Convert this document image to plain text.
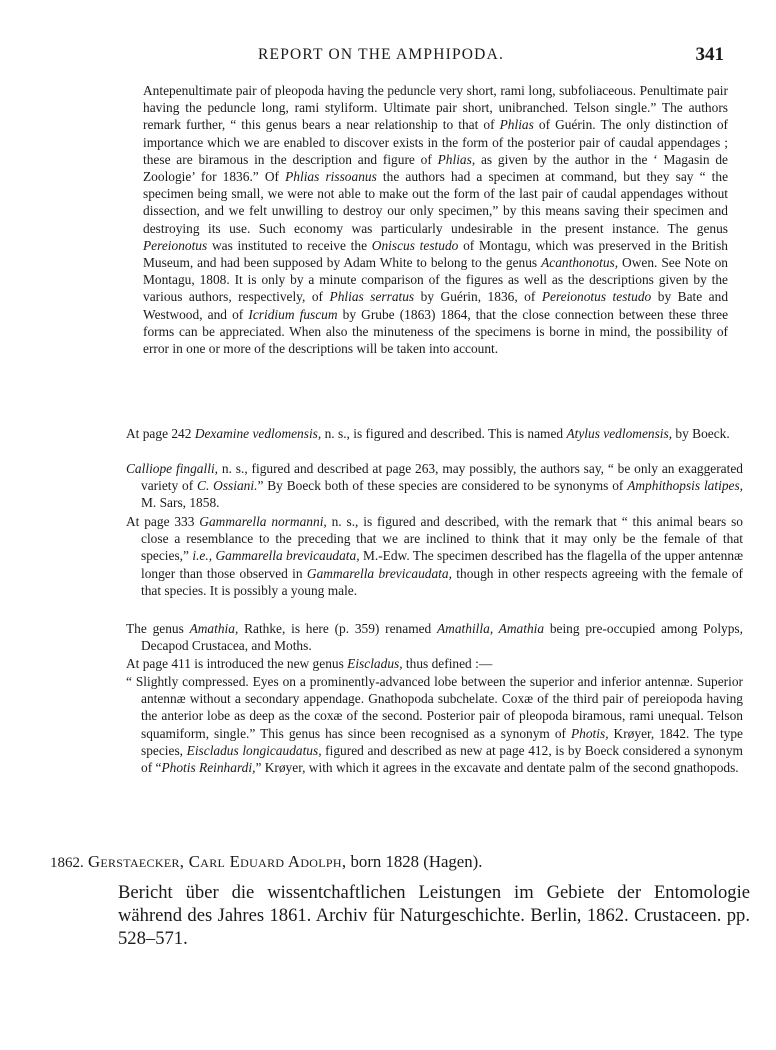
REPORT ON THE AMPHIPODA.	341

Antepenultimate pair of pleopoda having the peduncle very short, rami long, subfoliaceous. Penultimate pair having the peduncle long, rami styliform. Ultimate pair short, unibranched. Telson single.” The authors remark further, “ this genus bears a near relationship to that of Phlias of Guérin. The only distinction of importance which we are enabled to discover exists in the form of the posterior pair of caudal appendages ; these are biramous in the description and figure of Phlias, as given by the author in the ‘ Magasin de Zoologie’ for 1836.” Of Phlias rissoanus the authors had a specimen at command, but they say “ the specimen being small, we were not able to make out the form of the last pair of caudal appendages without dissection, and we felt unwilling to destroy our only specimen,” by this means saving their specimen and destroying its use. Such economy was particularly undesirable in the present instance. The genus Pereionotus was instituted to receive the Oniscus testudo of Montagu, which was preserved in the British Museum, and had been supposed by Adam White to belong to the genus Acanthonotus, Owen. See Note on Montagu, 1808. It is only by a minute comparison of the figures as well as the descriptions given by the various authors, respectively, of Phlias serratus by Guérin, 1836, of Pereionotus testudo by Bate and Westwood, and of Icridium fuscum by Grube (1863) 1864, that the close connection between these three forms can be appreciated. When also the minuteness of the specimens is borne in mind, the possibility of error in one or more of the descriptions will be taken into account.

At page 242 Dexamine vedlomensis, n. s., is figured and described. This is named Atylus vedlomensis, by Boeck.

Calliope fingalli, n. s., figured and described at page 263, may possibly, the authors say, “ be only an exaggerated variety of C. Ossiani.” By Boeck both of these species are considered to be synonyms of Amphithopsis latipes, M. Sars, 1858.

At page 333 Gammarella normanni, n. s., is figured and described, with the remark that “ this animal bears so close a resemblance to the preceding that we are inclined to think that it may only be the female of that species,” i.e., Gammarella brevicaudata, M.-Edw. The specimen described has the flagella of the upper antennæ longer than those observed in Gammarella brevicaudata, though in other respects agreeing with the female of that species. It is possibly a young male.

The genus Amathia, Rathke, is here (p. 359) renamed Amathilla, Amathia being pre-occupied among Polyps, Decapod Crustacea, and Moths.

At page 411 is introduced the new genus Eiscladus, thus defined :—

“ Slightly compressed. Eyes on a prominently-advanced lobe between the superior and inferior antennæ. Superior antennæ without a secondary appendage. Gnathopoda subchelate. Coxæ of the third pair of pereiopoda having the anterior lobe as deep as the coxæ of the second. Posterior pair of pleopoda biramous, rami unequal. Telson squamiform, single.” This genus has since been recognised as a synonym of Photis, Krøyer, 1842. The type species, Eiscladus longicaudatus, figured and described as new at page 412, is by Boeck considered a synonym of “Photis Reinhardi,” Krøyer, with which it agrees in the excavate and dentate palm of the second gnathopods.

1862. Gerstaecker, Carl Eduard Adolph, born 1828 (Hagen).
Bericht über die wissentchaftlichen Leistungen im Gebiete der Entomologie während des Jahres 1861. Archiv für Naturgeschichte. Berlin, 1862. Crustaceen. pp. 528–571.
